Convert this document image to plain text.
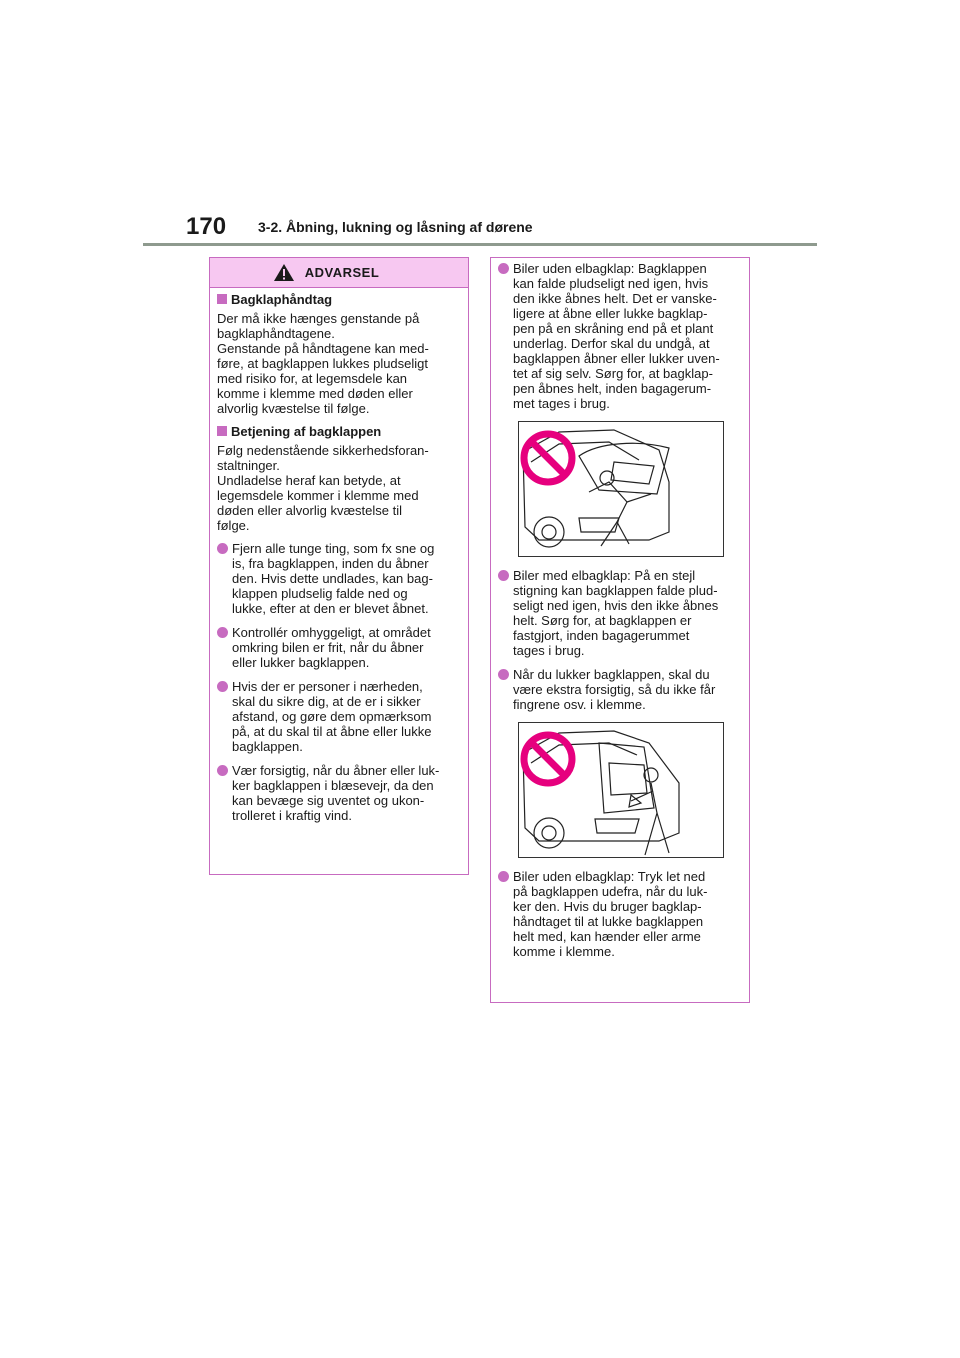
170 3-2. Åbning, lukning og låsning af dørene
ADVARSEL
Bagklaphåndtag

Der må ikke hænges genstande på
bagklaphåndtagene.
Genstande på håndtagene kan med-
føre, at bagklappen lukkes pludseligt
med risiko for, at legemsdele kan
komme i klemme med døden eller
alvorlig kvæstelse til følge.

Betjening af bagklappen

Følg nedenstående sikkerhedsforan-
staltninger.
Undladelse heraf kan betyde, at
legemsdele kommer i klemme med
døden eller alvorlig kvæstelse til
følge.

Fjern alle tunge ting, som fx sne og
is, fra bagklappen, inden du åbner
den. Hvis dette undlades, kan bag-
klappen pludselig falde ned og
lukke, efter at den er blevet åbnet.
Kontrollér omhyggeligt, at området
omkring bilen er frit, når du åbner
eller lukker bagklappen.
Hvis der er personer i nærheden,
skal du sikre dig, at de er i sikker
afstand, og gøre dem opmærksom
på, at du skal til at åbne eller lukke
bagklappen.
Vær forsigtig, når du åbner eller luk-
ker bagklappen i blæsevejr, da den
kan bevæge sig uventet og ukon-
trolleret i kraftig vind.
Biler uden elbagklap: Bagklappen
kan falde pludseligt ned igen, hvis
den ikke åbnes helt. Det er vanske-
ligere at åbne eller lukke bagklap-
pen på en skråning end på et plant
underlag. Derfor skal du undgå, at
bagklappen åbner eller lukker uven-
tet af sig selv. Sørg for, at bagklap-
pen åbnes helt, inden bagagerum-
met tages i brug.
Biler med elbagklap: På en stejl
stigning kan bagklappen falde plud-
seligt ned igen, hvis den ikke åbnes
helt. Sørg for, at bagklappen er
fastgjort, inden bagagerummet
tages i brug.
Når du lukker bagklappen, skal du
være ekstra forsigtig, så du ikke får
fingrene osv. i klemme.
Biler uden elbagklap: Tryk let ned
på bagklappen udefra, når du luk-
ker den. Hvis du bruger bagklap-
håndtaget til at lukke bagklappen
helt med, kan hænder eller arme
komme i klemme.
